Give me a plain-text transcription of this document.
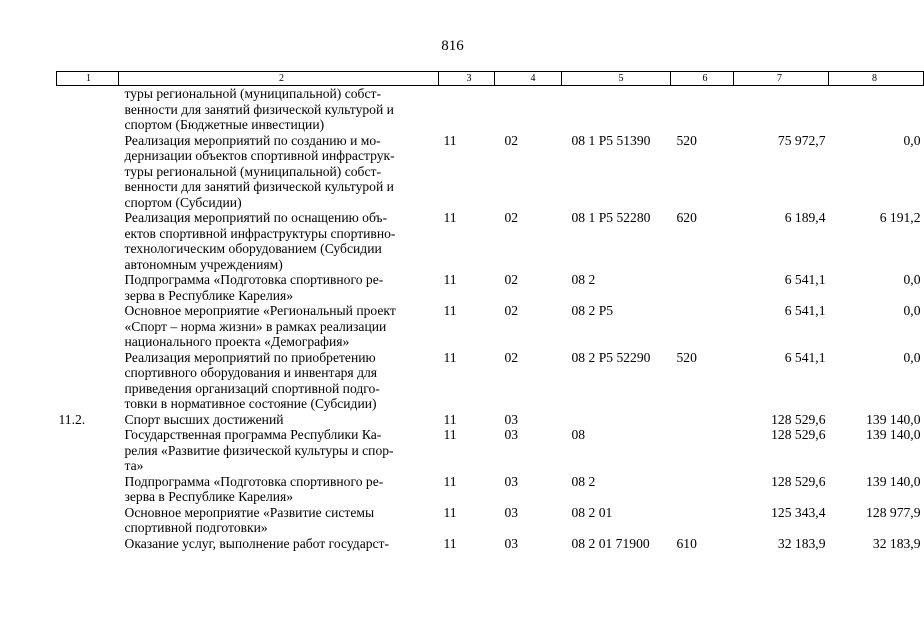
816
1	2	3	4	5	6	7	8

	туры региональной (муниципальной) собст-
венности для занятий физической культурой и
спортом (Бюджетные инвестиции)						

	Реализация мероприятий по созданию и мо-
дернизации объектов спортивной инфраструк-
туры региональной (муниципальной) собст-
венности для занятий физической культурой и
спортом (Субсидии)	11	02	08 1 P5 51390	520	75 972,7	0,0

	Реализация мероприятий по оснащению объ-
ектов спортивной инфраструктуры спортивно-
технологическим оборудованием (Субсидии
автономным учреждениям)	11	02	08 1 P5 52280	620	6 189,4	6 191,2

	Подпрограмма «Подготовка спортивного ре-
зерва в Республике Карелия»	11	02	08 2		6 541,1	0,0

	Основное мероприятие «Региональный проект
«Спорт – норма жизни» в рамках реализации
национального проекта «Демография»	11	02	08 2 P5		6 541,1	0,0

	Реализация мероприятий по приобретению
спортивного оборудования и инвентаря для
приведения организаций спортивной подго-
товки в нормативное состояние (Субсидии)	11	02	08 2 P5 52290	520	6 541,1	0,0
11.2.	Спорт высших достижений	11	03			128 529,6	139 140,0

	Государственная программа Республики Ка-
релия «Развитие физической культуры и спор-
та»	11	03	08		128 529,6	139 140,0

	Подпрограмма «Подготовка спортивного ре-
зерва в Республике Карелия»	11	03	08 2		128 529,6	139 140,0

	Основное мероприятие «Развитие системы
спортивной подготовки»	11	03	08 2 01		125 343,4	128 977,9

	Оказание услуг, выполнение работ государст-	11	03	08 2 01 71900	610	32 183,9	32 183,9
